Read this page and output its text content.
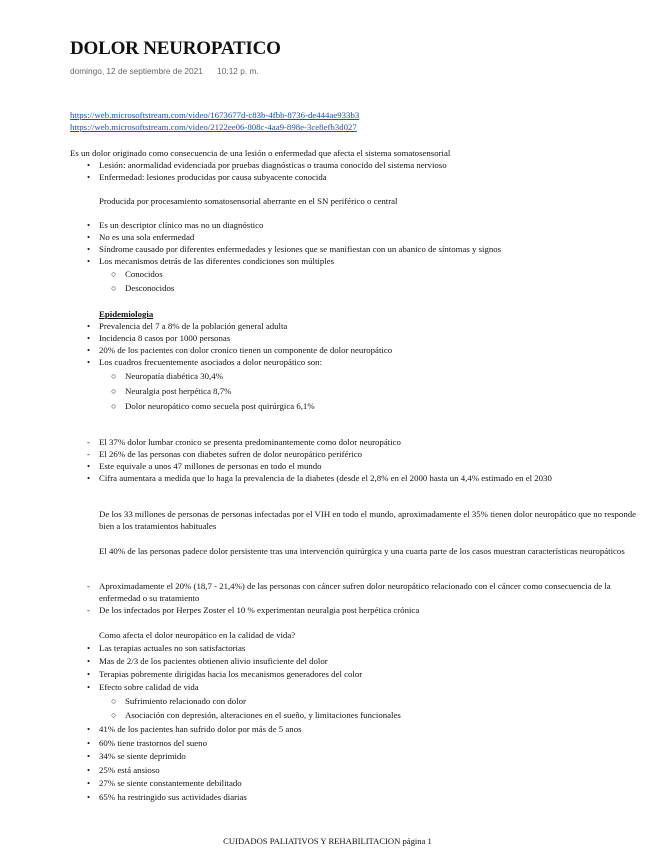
DOLOR NEUROPATICO
domingo, 12 de septiembre de 2021 10:12 p. m.
https://web.microsoftstream.com/video/1673677d-c83b-4fbb-8736-de444ae933b3
https://web.microsoftstream.com/video/2122ee06-808c-4aa9-898e-3ce8efb3d027
Es un dolor originado como consecuencia de una lesión o enfermedad que afecta el sistema somatosensorial
• Lesión: anormalidad evidenciada por pruebas diagnósticas o trauma conocido del sistema nervioso
• Enfermedad: lesiones producidas por causa subyacente conocida
Producida por procesamiento somatosensorial aberrante en el SN periférico o central
• Es un descriptor clínico mas no un diagnóstico
• No es una sola enfermedad
• Síndrome causado por diferentes enfermedades y lesiones que se manifiestan con un abanico de síntomas y signos
• Los mecanismos detrás de las diferentes condiciones son múltiples
○ Conocidos
○ Desconocidos
Epidemiologia
• Prevalencia del 7 a 8% de la población general adulta
• Incidencia 8 casos por 1000 personas
• 20% de los pacientes con dolor cronico tienen un componente de dolor neuropático
• Los cuadros frecuentemente asociados a dolor neuropático son:
○ Neuropatía diabética 30,4%
○ Neuralgia post herpética 8,7%
○ Dolor neuropático como secuela post quirúrgica 6,1%
- El 37% dolor lumbar cronico se presenta predominantemente como dolor neuropático
- El 26% de las personas con diabetes sufren de dolor neuropático periférico
• Este equivale a unos 47 millones de personas en todo el mundo
• Cifra aumentara a medida que lo haga la prevalencia de la diabetes (desde el 2,8% en el 2000 hasta un 4,4% estimado en el 2030
De los 33 millones de personas de personas infectadas por el VIH en todo el mundo, aproximadamente el 35% tienen dolor neuropático que no responde bien a los tratamientos habituales
El 40% de las personas padece dolor persistente tras una intervención quirúrgica y una cuarta parte de los casos muestran características neuropáticos
- Aproximadamente el 20% (18,7 - 21,4%) de las personas con cáncer sufren dolor neuropático relacionado con el cáncer como consecuencia de la enfermedad o su tratamiento
- De los infectados por Herpes Zoster el 10 % experimentan neuralgia post herpética crónica
Como afecta el dolor neuropático en la calidad de vida?
• Las terapias actuales no son satisfactorias
• Mas de 2/3 de los pacientes obtienen alivio insuficiente del dolor
• Terapias pobremente dirigidas hacia los mecanismos generadores del color
• Efecto sobre calidad de vida
○ Sufrimiento relacionado con dolor
○ Asociación con depresión, alteraciones en el sueño, y limitaciones funcionales
• 41% de los pacientes han sufrido dolor por más de 5 anos
• 60% tiene trastornos del sueno
• 34% se siente deprimido
• 25% está ansioso
• 27% se siente constantemente debilitado
• 65% ha restringido sus actividades diarias
CUIDADOS PALIATIVOS Y REHABILITACION página 1
